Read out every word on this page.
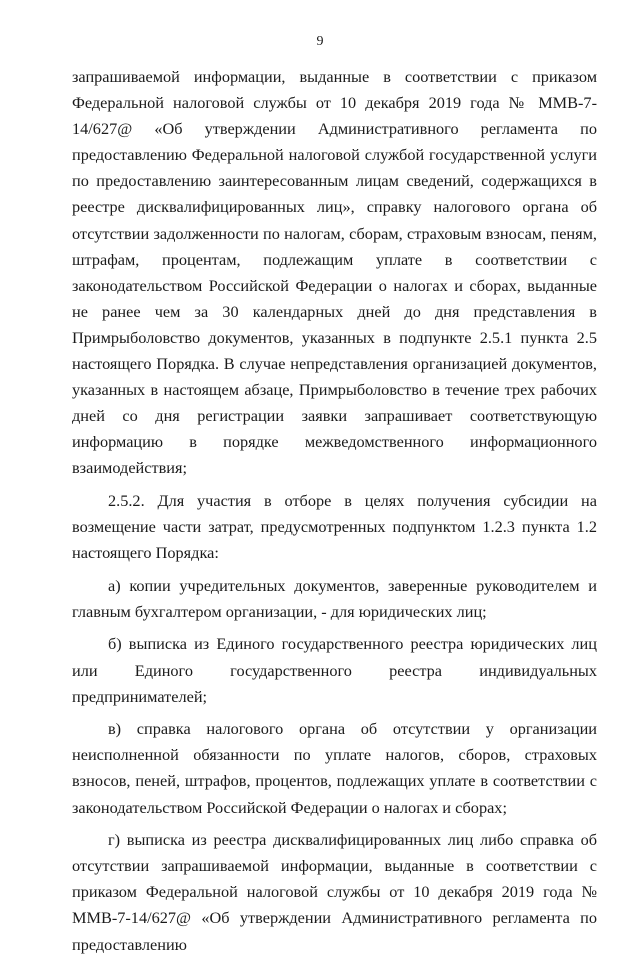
9

запрашиваемой информации, выданные в соответствии с приказом Федеральной налоговой службы от 10 декабря 2019 года № ММВ-7-14/627@ «Об утверждении Административного регламента по предоставлению Федеральной налоговой службой государственной услуги по предоставлению заинтересованным лицам сведений, содержащихся в реестре дисквалифицированных лиц», справку налогового органа об отсутствии задолженности по налогам, сборам, страховым взносам, пеням, штрафам, процентам, подлежащим уплате в соответствии с законодательством Российской Федерации о налогах и сборах, выданные не ранее чем за 30 календарных дней до дня представления в Примрыболовство документов, указанных в подпункте 2.5.1 пункта 2.5 настоящего Порядка. В случае непредставления организацией документов, указанных в настоящем абзаце, Примрыболовство в течение трех рабочих дней со дня регистрации заявки запрашивает соответствующую информацию в порядке межведомственного информационного взаимодействия;

2.5.2. Для участия в отборе в целях получения субсидии на возмещение части затрат, предусмотренных подпунктом 1.2.3 пункта 1.2 настоящего Порядка:

а) копии учредительных документов, заверенные руководителем и главным бухгалтером организации, - для юридических лиц;

б) выписка из Единого государственного реестра юридических лиц или Единого государственного реестра индивидуальных предпринимателей;

в) справка налогового органа об отсутствии у организации неисполненной обязанности по уплате налогов, сборов, страховых взносов, пеней, штрафов, процентов, подлежащих уплате в соответствии с законодательством Российской Федерации о налогах и сборах;

г) выписка из реестра дисквалифицированных лиц либо справка об отсутствии запрашиваемой информации, выданные в соответствии с приказом Федеральной налоговой службы от 10 декабря 2019 года № ММВ-7-14/627@ «Об утверждении Административного регламента по предоставлению
